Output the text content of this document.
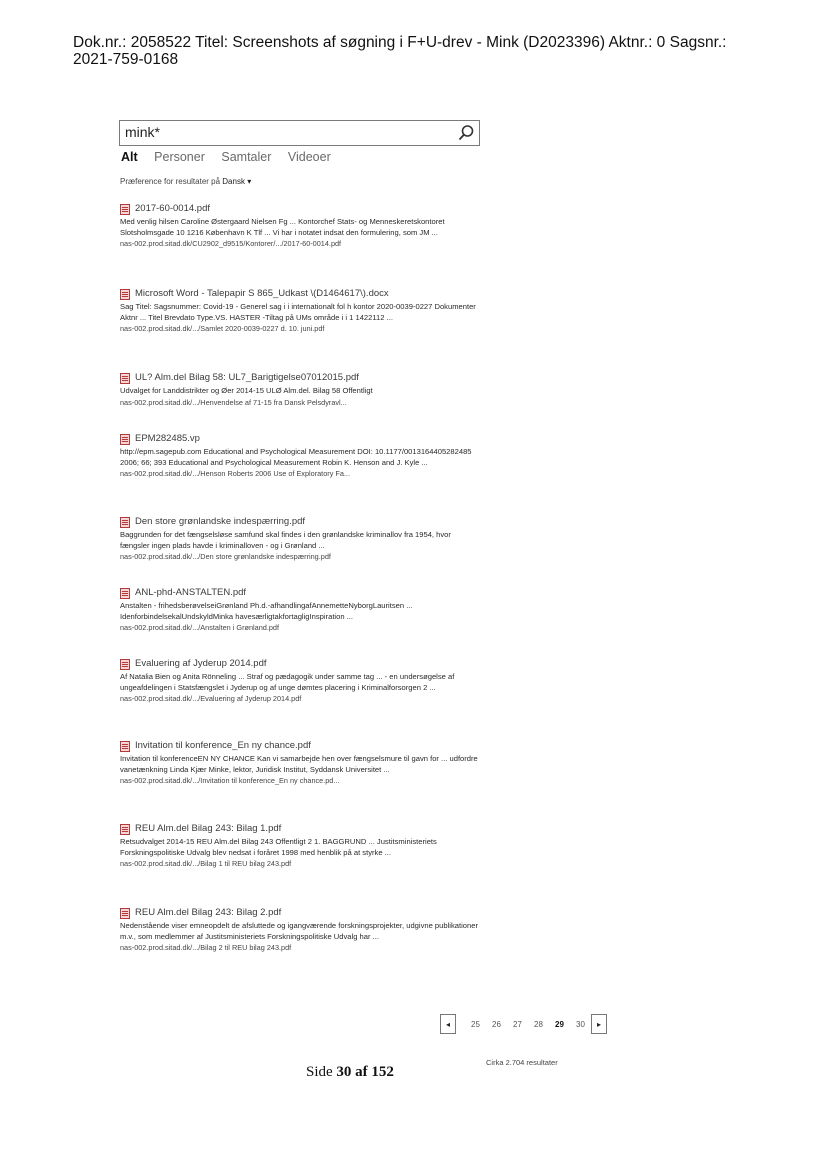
Dok.nr.: 2058522 Titel: Screenshots af søgning i F+U-drev - Mink (D2023396) Aktnr.: 0 Sagsnr.:
2021-759-0168
mink*
Alt Personer Samtaler Videoer
Præference for resultater på Dansk ▾
2017-60-0014.pdf
Med venlig hilsen Caroline Østergaard Nielsen Fg ... Kontorchef Stats- og Menneskeretskontoret Slotsholmsgade 10 1216 København K Tlf ... Vi har i notatet indsat den formulering, som JM ...
nas-002.prod.sitad.dk/CU2902_d9515/Kontorer/.../2017-60-0014.pdf
Microsoft Word - Talepapir S 865_Udkast \(D1464617\).docx
Sag Titel: Sagsnummer: Covid-19 - Generel sag i i internationalt fol h kontor 2020-0039-0227 Dokumenter Aktnr ... Titel Brevdato Type.VS. HASTER -Tiltag på UMs område i i 1 1422112 ...
nas-002.prod.sitad.dk/.../Samlet 2020-0039-0227 d. 10. juni.pdf
UL? Alm.del Bilag 58: UL7_Barigtigelse07012015.pdf
Udvalget for Landdistrikter og Øer 2014-15 ULØ Alm.del. Bilag 58 Offentligt
nas-002.prod.sitad.dk/.../Henvendelse af 71-15 fra Dansk Pelsdyravl...
EPM282485.vp
http://epm.sagepub.com Educational and Psychological Measurement DOI: 10.1177/0013164405282485 2006; 66; 393 Educational and Psychological Measurement Robin K. Henson and J. Kyle ...
nas-002.prod.sitad.dk/.../Henson Roberts 2006 Use of Exploratory Fa...
Den store grønlandske indespærring.pdf
Baggrunden for det fængselsløse samfund skal findes i den grønlandske kriminallov fra 1954, hvor fængsler ingen plads havde i kriminalloven - og i Grønland ...
nas-002.prod.sitad.dk/.../Den store grønlandske indespærring.pdf
ANL-phd-ANSTALTEN.pdf
Anstalten - frihedsberøvelseiGrønland Ph.d.-afhandlingafAnnemetteNyborgLauritsen ... IdenforbindelsekalUndskyldMinka havesærligtakfortagligInspiration ...
nas-002.prod.sitad.dk/.../Anstalten i Grønland.pdf
Evaluering af Jyderup 2014.pdf
Af Natalia Bien og Anita Rönneling ... Straf og pædagogik under samme tag ... - en undersøgelse af ungeafdelingen i Statsfængslet i Jyderup og af unge dømtes placering i Kriminalforsorgen 2 ...
nas-002.prod.sitad.dk/.../Evaluering af Jyderup 2014.pdf
Invitation til konference_En ny chance.pdf
Invitation til konferenceEN NY CHANCE Kan vi samarbejde hen over fængselsmure til gavn for ... udfordre vanetænkning Linda Kjær Minke, lektor, Juridisk Institut, Syddansk Universitet ...
nas-002.prod.sitad.dk/.../Invitation til konference_En ny chance.pd...
REU Alm.del Bilag 243: Bilag 1.pdf
Retsudvalget 2014-15 REU Alm.del Bilag 243 Offentligt 2 1. BAGGRUND ... Justitsministeriets Forskningspolitiske Udvalg blev nedsat i foråret 1998 med henblik på at styrke ...
nas-002.prod.sitad.dk/.../Bilag 1 til REU bilag 243.pdf
REU Alm.del Bilag 243: Bilag 2.pdf
Nedenstående viser emneopdelt de afsluttede og igangværende forskningsprojekter, udgivne publikationer m.v., som medlemmer af Justitsministeriets Forskningspolitiske Udvalg har ...
nas-002.prod.sitad.dk/.../Bilag 2 til REU bilag 243.pdf
◂	25	26	27	28	29	30	▸
Cirka 2.704 resultater
Side 30 af 152
